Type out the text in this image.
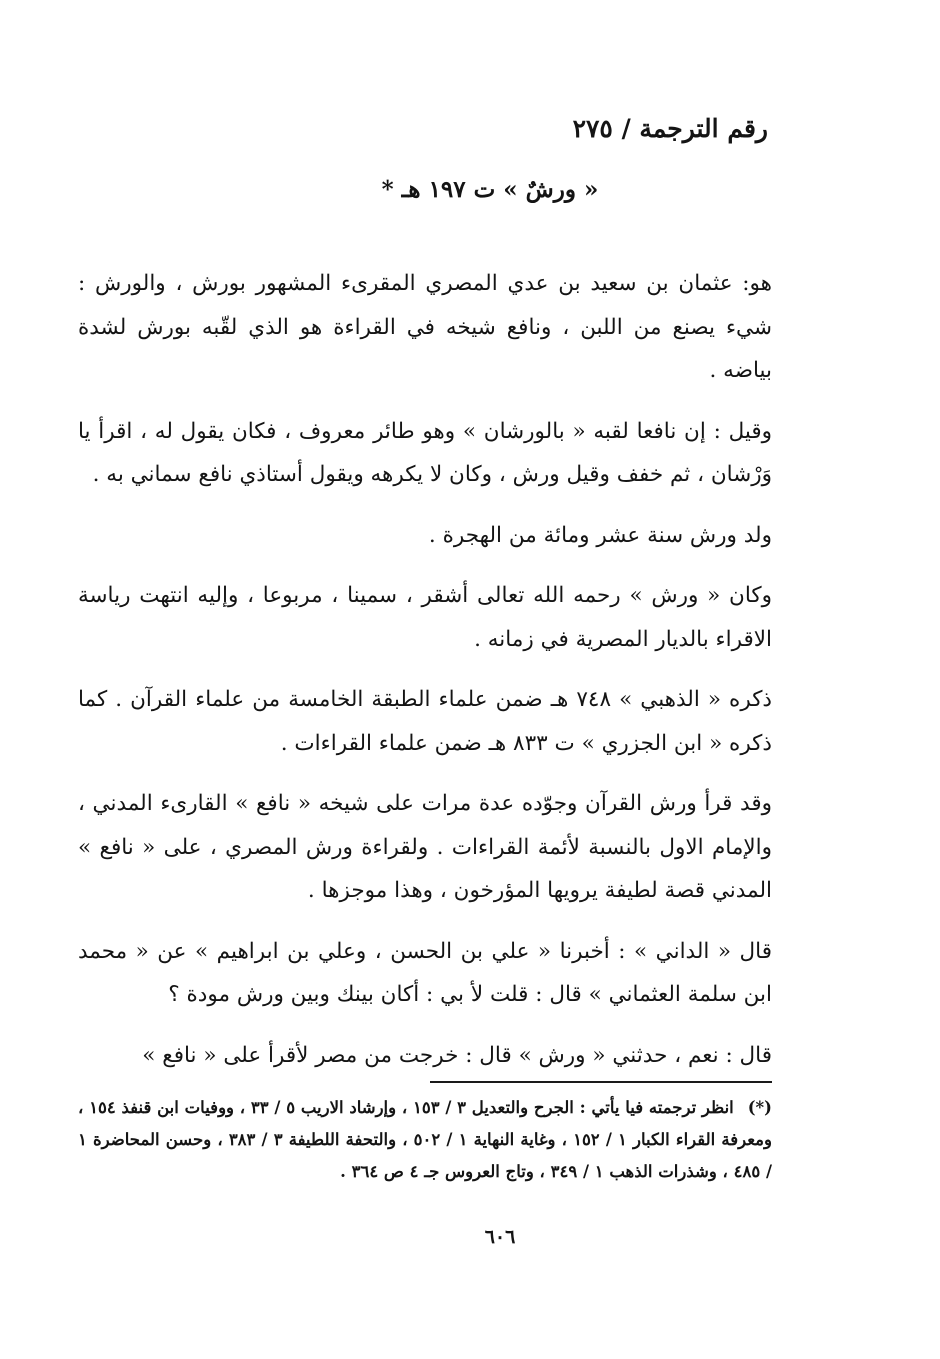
رقم الترجمة / ٢٧٥
« ورشٌ » ت ١٩٧ هـ *

هو: عثمان بن سعيد بن عدي المصري المقرىء المشهور بورش ، والورش : شيء يصنع من اللبن ، ونافع شيخه في القراءة هو الذي لقّبه بورش لشدة بياضه .

وقيل : إن نافعا لقبه « بالورشان » وهو طائر معروف ، فكان يقول له ، اقرأ يا وَرْشان ، ثم خفف وقيل ورش ، وكان لا يكرهه ويقول أستاذي نافع سماني به .

ولد ورش سنة عشر ومائة من الهجرة .

وكان « ورش » رحمه الله تعالى أشقر ، سمينا ، مربوعا ، وإليه انتهت رياسة الاقراء بالديار المصرية في زمانه .

ذكره « الذهبي » ٧٤٨ هـ ضمن علماء الطبقة الخامسة من علماء القرآن . كما ذكره « ابن الجزري » ت ٨٣٣ هـ ضمن علماء القراءات .

وقد قرأ ورش القرآن وجوّده عدة مرات على شيخه « نافع » القارىء المدني ، والإمام الاول بالنسبة لأئمة القراءات . ولقراءة ورش المصري ، على « نافع » المدني قصة لطيفة يرويها المؤرخون ، وهذا موجزها .

قال « الداني » : أخبرنا « علي بن الحسن ، وعلي بن ابراهيم » عن « محمد ابن سلمة العثماني » قال : قلت لأ بي : أكان بينك وبين ورش مودة ؟

قال : نعم ، حدثني « ورش » قال : خرجت من مصر لأقرأ على « نافع »

(*)انظر ترجمته فيا يأتي : الجرح والتعديل ٣ / ١٥٣ ، وإرشاد الاريب ٥ / ٣٣ ، ووفيات ابن قنفذ ١٥٤ ، ومعرفة القراء الكبار ١ / ١٥٢ ، وغاية النهاية ١ / ٥٠٢ ، والتحفة اللطيفة ٣ / ٣٨٣ ، وحسن المحاضرة ١ / ٤٨٥ ، وشذرات الذهب ١ / ٣٤٩ ، وتاج العروس جـ ٤ ص ٣٦٤ .
٦٠٦
